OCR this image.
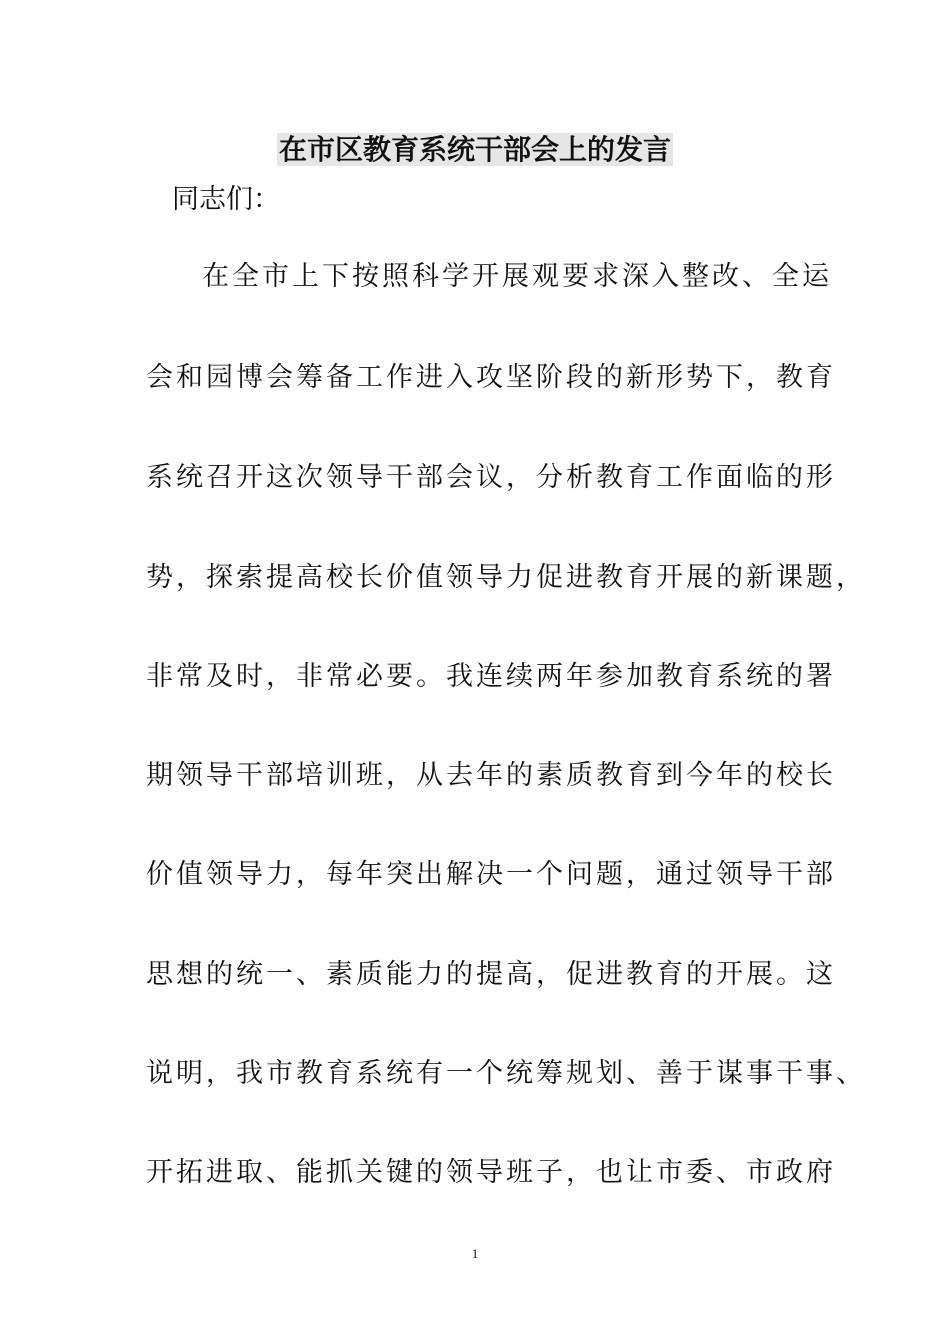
在市区教育系统干部会上的发言
同志们：
在全市上下按照科学开展观要求深入整改、全运
会和园博会筹备工作进入攻坚阶段的新形势下，教育
系统召开这次领导干部会议，分析教育工作面临的形
势，探索提高校长价值领导力促进教育开展的新课题，
非常及时，非常必要。我连续两年参加教育系统的署
期领导干部培训班，从去年的素质教育到今年的校长
价值领导力，每年突出解决一个问题，通过领导干部
思想的统一、素质能力的提高，促进教育的开展。这
说明，我市教育系统有一个统筹规划、善于谋事干事、
开拓进取、能抓关键的领导班子，也让市委、市政府
1
